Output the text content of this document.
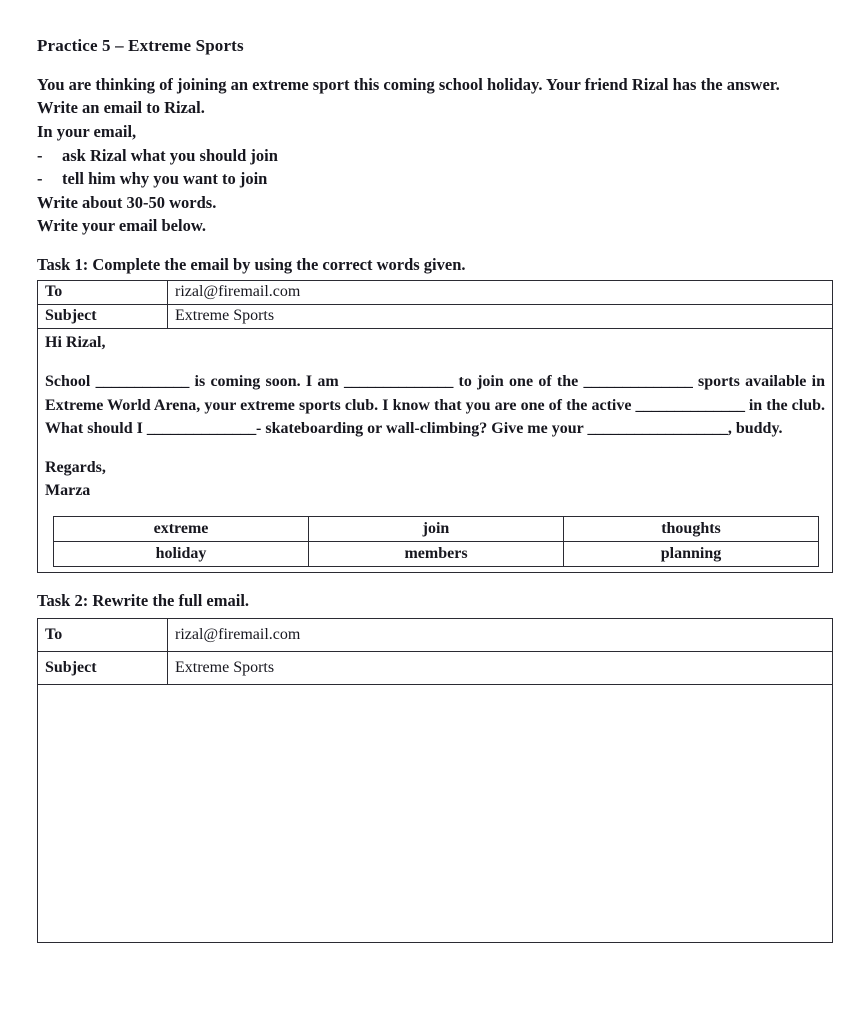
Practice 5 – Extreme Sports
You are thinking of joining an extreme sport this coming school holiday. Your friend Rizal has the answer. Write an email to Rizal.
In your email,
- ask Rizal what you should join
- tell him why you want to join
Write about 30-50 words.
Write your email below.
Task 1: Complete the email by using the correct words given.
To	rizal@firemail.com
Subject	Extreme Sports

Hi Rizal,

School ____________ is coming soon. I am ______________ to join one of the ______________ sports available in Extreme World Arena, your extreme sports club. I know that you are one of the active ______________ in the club. What should I ______________- skateboarding or wall-climbing? Give me your __________________, buddy.

Regards,

Marza

extreme	join	thoughts
holiday	members	planning
Task 2: Rewrite the full email.
To	rizal@firemail.com
Subject	Extreme Sports
